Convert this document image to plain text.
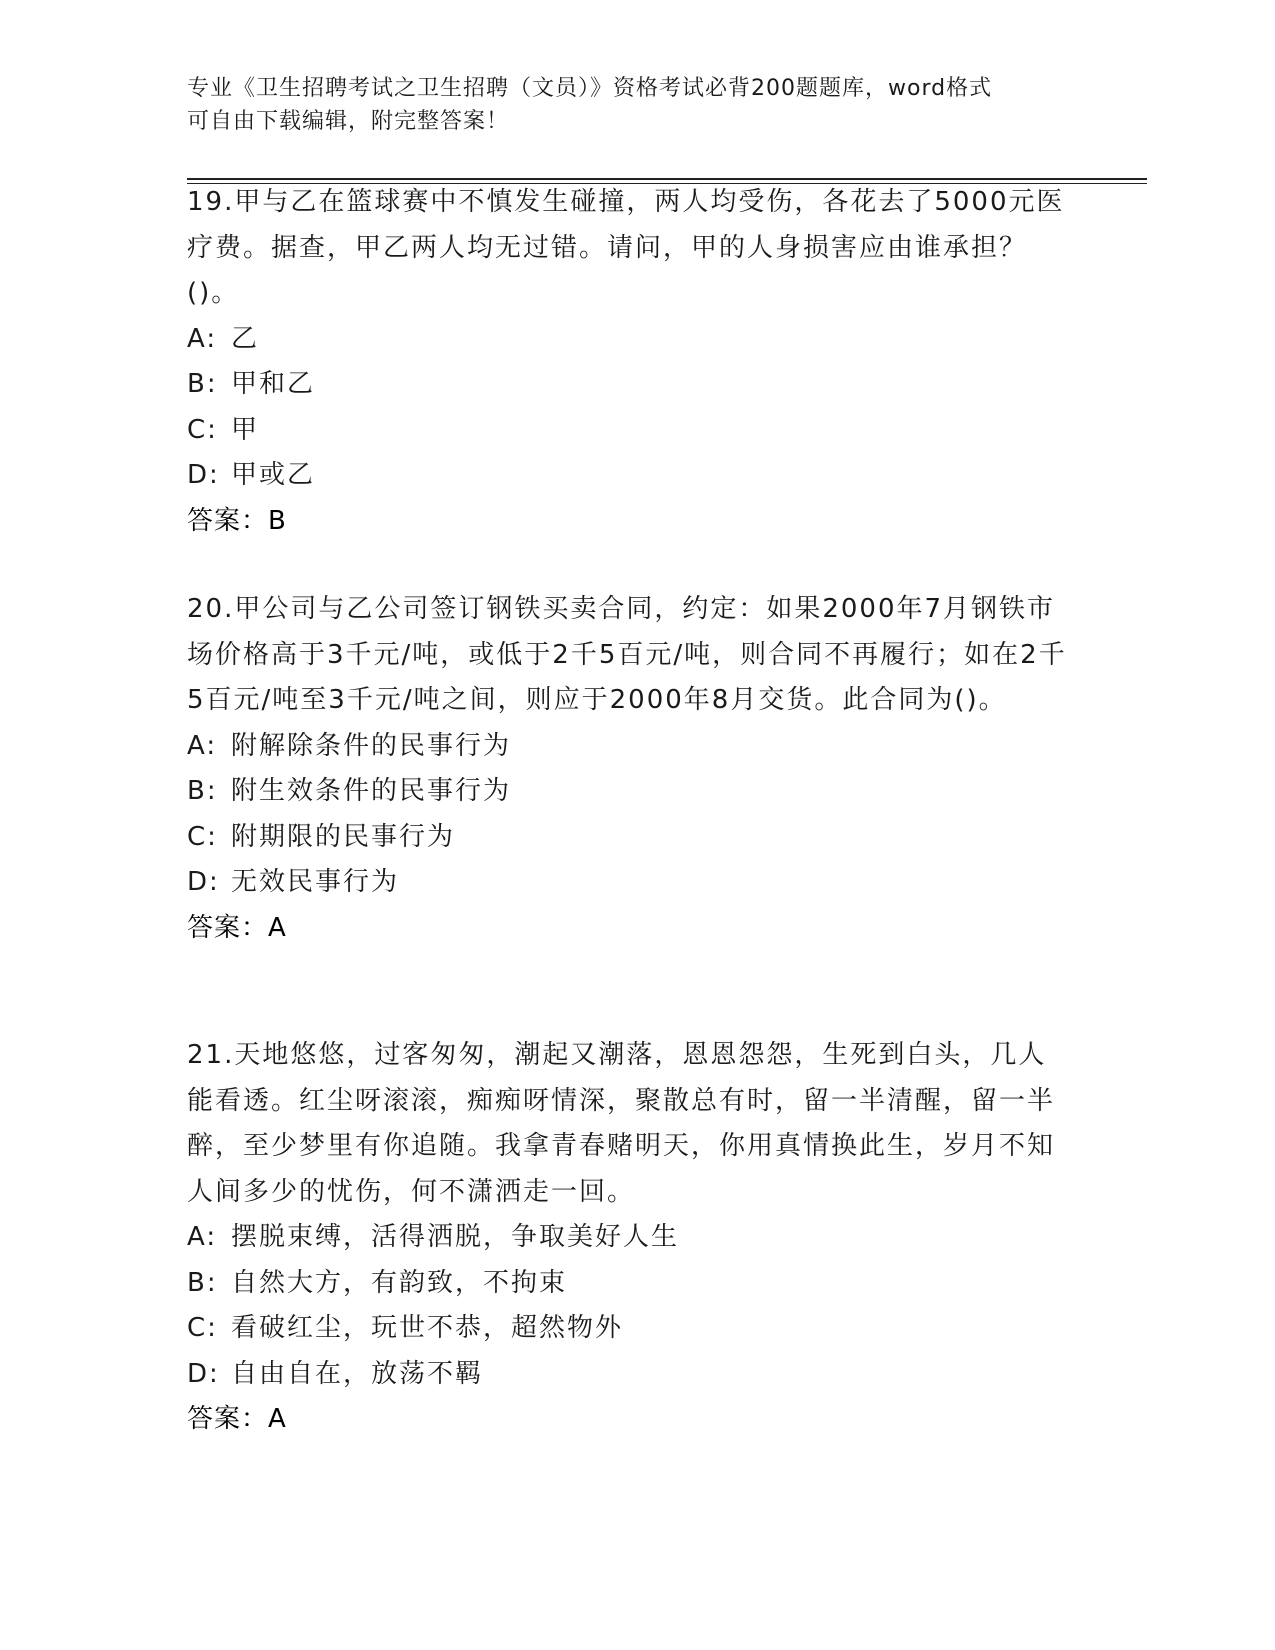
专业《卫生招聘考试之卫生招聘（文员）》资格考试必背200题题库，word格式
可自由下载编辑，附完整答案！

19.甲与乙在篮球赛中不慎发生碰撞，两人均受伤，各花去了5000元医疗费。据查，甲乙两人均无过错。请问，甲的人身损害应由谁承担？()。

A: 乙

B: 甲和乙

C: 甲

D: 甲或乙

答案：B

20.甲公司与乙公司签订钢铁买卖合同，约定：如果2000年7月钢铁市场价格高于3千元/吨，或低于2千5百元/吨，则合同不再履行；如在2千5百元/吨至3千元/吨之间，则应于2000年8月交货。此合同为()。

A: 附解除条件的民事行为

B: 附生效条件的民事行为

C: 附期限的民事行为

D: 无效民事行为

答案：A

21.天地悠悠，过客匆匆，潮起又潮落，恩恩怨怨，生死到白头，几人能看透。红尘呀滚滚，痴痴呀情深，聚散总有时，留一半清醒，留一半醉，至少梦里有你追随。我拿青春赌明天，你用真情换此生，岁月不知人间多少的忧伤，何不潇洒走一回。

A: 摆脱束缚，活得洒脱，争取美好人生

B: 自然大方，有韵致，不拘束

C: 看破红尘，玩世不恭，超然物外

D: 自由自在，放荡不羁

答案：A
